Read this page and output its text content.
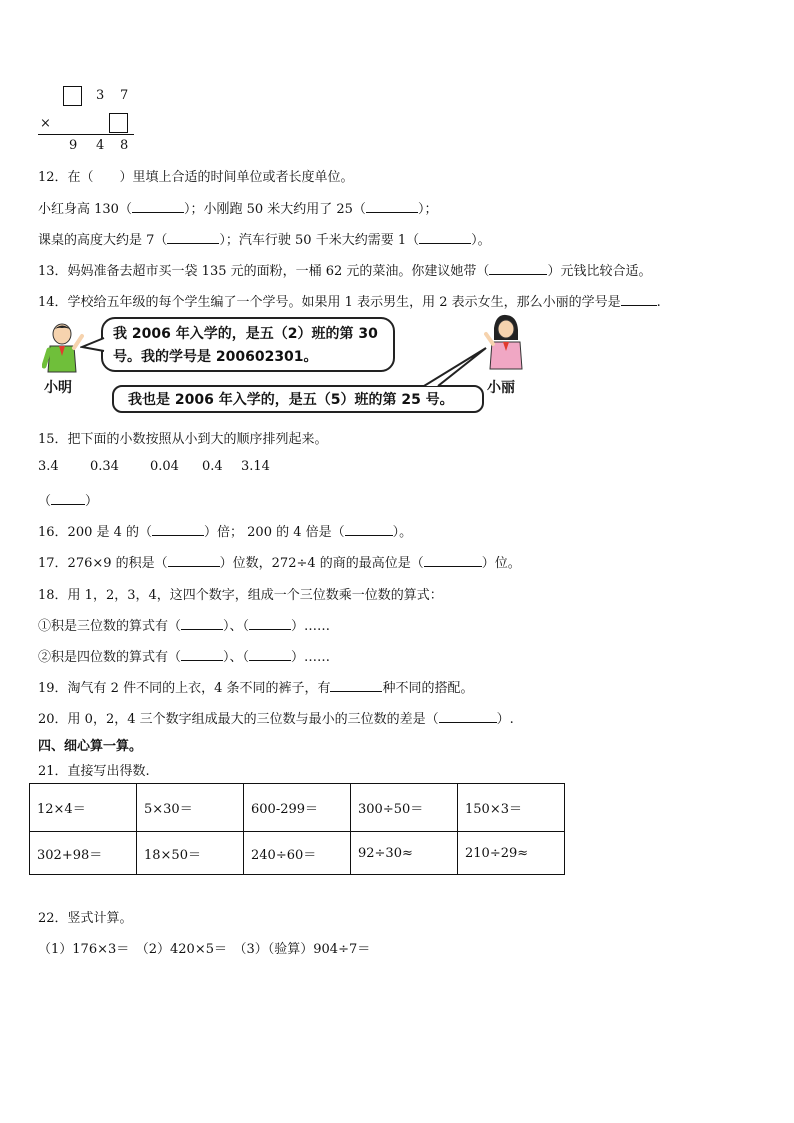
3 7
×
9 4 8
12．在（　　）里填上合适的时间单位或者长度单位。
小红身高 130（	）；小刚跑 50 米大约用了 25（	）；
课桌的高度大约是 7（	）；汽车行驶 50 千米大约需要 1（	）。
13．妈妈准备去超市买一袋 135 元的面粉，一桶 62 元的菜油。你建议她带（	）元钱比较合适。
14．学校给五年级的每个学生编了一个学号。如果用 1 表示男生，用 2 表示女生，那么小丽的学号是	.
小明	小丽
我 2006 年入学的，是五（2）班的第 30 号。我的学号是 200602301。
我也是 2006 年入学的，是五（5）班的第 25 号。
15．把下面的小数按照从小到大的顺序排列起来。
3.4 0.34 0.04 0.4 3.14
（	）
16．200 是 4 的（	）倍； 200 的 4 倍是（	）。
17．276×9 的积是（	）位数，272÷4 的商的最高位是（	）位。
18．用 1，2，3，4，这四个数字，组成一个三位数乘一位数的算式：
①积是三位数的算式有（	）、（	）……
②积是四位数的算式有（	）、（	）……
19．淘气有 2 件不同的上衣，4 条不同的裤子，有	种不同的搭配。
20．用 0，2，4 三个数字组成最大的三位数与最小的三位数的差是（	）.
四、细心算一算。
21．直接写出得数.
12×4＝	5×30＝	600-299＝	300÷50＝	150×3＝
302+98＝	18×50＝	240÷60＝	92÷30≈	210÷29≈
22．竖式计算。
（1）176×3＝　（2）420×5＝　（3）（验算）904÷7＝
